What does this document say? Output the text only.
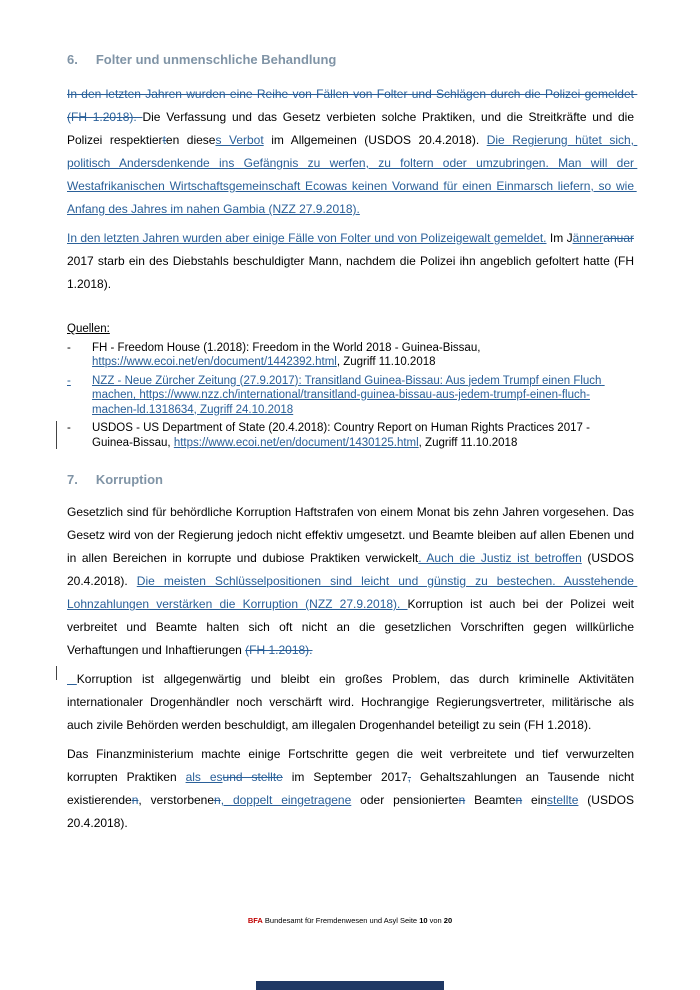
6. Folter und unmenschliche Behandlung

In den letzten Jahren wurden eine Reihe von Fällen von Folter und Schlägen durch die Polizei gemeldet (FH 1.2018). Die Verfassung und das Gesetz verbieten solche Praktiken, und die Streitkräfte und die Polizei respektierten dieses Verbot im Allgemeinen (USDOS 20.4.2018). Die Regierung hütet sich, politisch Andersdenkende ins Gefängnis zu werfen, zu foltern oder umzubringen. Man will der Westafrikanischen Wirtschaftsgemeinschaft Ecowas keinen Vorwand für einen Einmarsch liefern, so wie Anfang des Jahres im nahen Gambia (NZZ 27.9.2018).

In den letzten Jahren wurden aber einige Fälle von Folter und von Polizeigewalt gemeldet. Im Jänneranuar 2017 starb ein des Diebstahls beschuldigter Mann, nachdem die Polizei ihn angeblich gefoltert hatte (FH 1.2018).

Quellen:
- FH - Freedom House (1.2018): Freedom in the World 2018 - Guinea-Bissau, https://www.ecoi.net/en/document/1442392.html, Zugriff 11.10.2018
- NZZ - Neue Zürcher Zeitung (27.9.2017): Transitland Guinea-Bissau: Aus jedem Trumpf einen Fluch machen, https://www.nzz.ch/international/transitland-guinea-bissau-aus-jedem-trumpf-einen-fluch-machen-ld.1318634, Zugriff 24.10.2018
- USDOS - US Department of State (20.4.2018): Country Report on Human Rights Practices 2017 - Guinea-Bissau, https://www.ecoi.net/en/document/1430125.html, Zugriff 11.10.2018
7. Korruption

Gesetzlich sind für behördliche Korruption Haftstrafen von einem Monat bis zehn Jahren vorgesehen. Das Gesetz wird von der Regierung jedoch nicht effektiv umgesetzt. und Beamte bleiben auf allen Ebenen und in allen Bereichen in korrupte und dubiose Praktiken verwickelt. Auch die Justiz ist betroffen (USDOS 20.4.2018). Die meisten Schlüsselpositionen sind leicht und günstig zu bestechen. Ausstehende Lohnzahlungen verstärken die Korruption (NZZ 27.9.2018). Korruption ist auch bei der Polizei weit verbreitet und Beamte halten sich oft nicht an die gesetzlichen Vorschriften gegen willkürliche Verhaftungen und Inhaftierungen (FH 1.2018).

Korruption ist allgegenwärtig und bleibt ein großes Problem, das durch kriminelle Aktivitäten internationaler Drogenhändler noch verschärft wird. Hochrangige Regierungsvertreter, militärische als auch zivile Behörden werden beschuldigt, am illegalen Drogenhandel beteiligt zu sein (FH 1.2018).

Das Finanzministerium machte einige Fortschritte gegen die weit verbreitete und tief verwurzelten korrupten Praktiken als esund stellte im September 2017, Gehaltszahlungen an Tausende nicht existierenden, verstorbenen, doppelt eingetragene oder pensionierten Beamten einstellte (USDOS 20.4.2018).

BFA Bundesamt für Fremdenwesen und Asyl Seite 10 von 20
